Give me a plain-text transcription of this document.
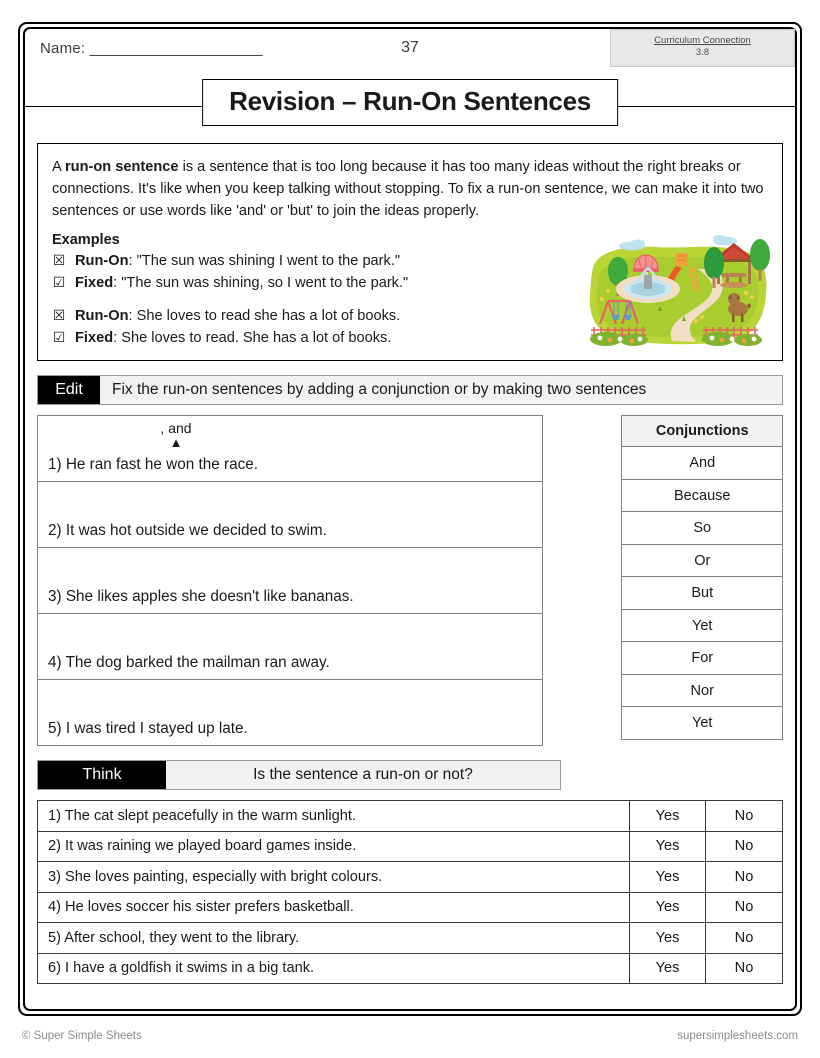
Name: ______________________	37	Curriculum Connection
3.8
Revision – Run-On Sentences

A run-on sentence is a sentence that is too long because it has too many ideas without the right breaks or connections. It's like when you keep talking without stopping. To fix a run-on sentence, we can make it into two sentences or use words like 'and' or 'but' to join the ideas properly.

Examples
☒ Run-On: "The sun was shining I went to the park."
☑ Fixed: "The sun was shining, so I went to the park."
☒ Run-On: She loves to read she has a lot of books.
☑ Fixed: She loves to read. She has a lot of books.
Edit	Fix the run-on sentences by adding a conjunction or by making two sentences
, and
▲
1) He ran fast he won the race.
2) It was hot outside we decided to swim.
3) She likes apples she doesn't like bananas.
4) The dog barked the mailman ran away.
5) I was tired I stayed up late.
Conjunctions
And
Because
So
Or
But
Yet
For
Nor
Yet
Think	Is the sentence a run-on or not?
1) The cat slept peacefully in the warm sunlight.	Yes	No
2) It was raining we played board games inside.	Yes	No
3) She loves painting, especially with bright colours.	Yes	No
4) He loves soccer his sister prefers basketball.	Yes	No
5) After school, they went to the library.	Yes	No
6) I have a goldfish it swims in a big tank.	Yes	No
© Super Simple Sheets	supersimplesheets.com
